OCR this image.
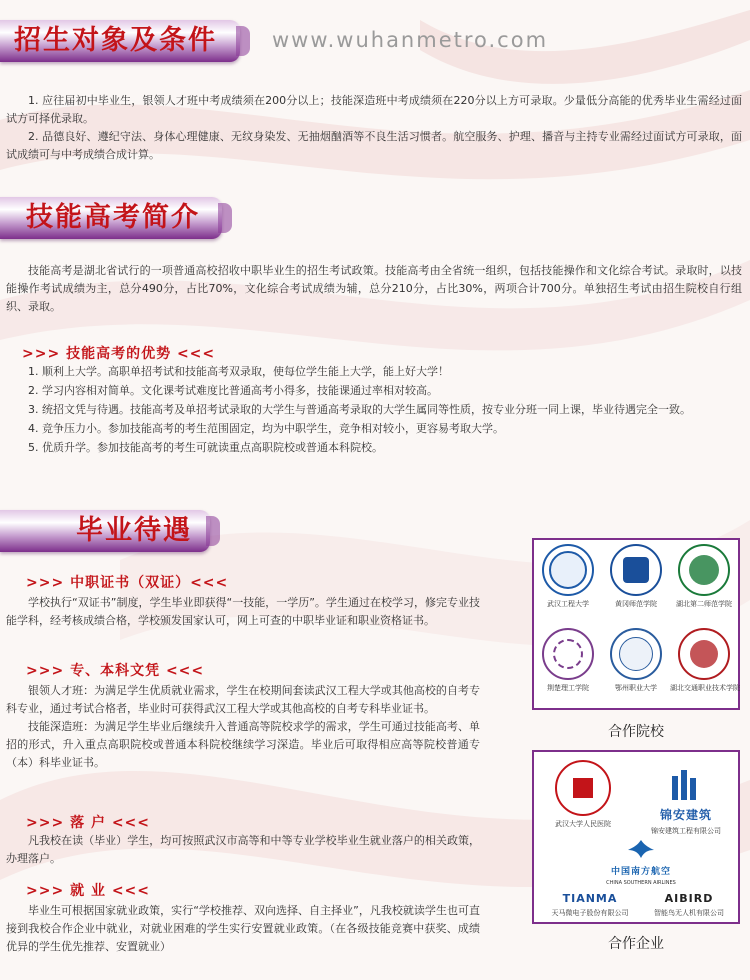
招生对象及条件	www.wuhanmetro.com

1. 应往届初中毕业生，银领人才班中考成绩须在200分以上；技能深造班中考成绩须在220分以上方可录取。少量低分高能的优秀毕业生需经过面试方可择优录取。

2. 品德良好、遵纪守法、身体心理健康、无纹身染发、无抽烟酗酒等不良生活习惯者。航空服务、护理、播音与主持专业需经过面试方可录取，面试成绩可与中考成绩合成计算。

技能高考简介

技能高考是湖北省试行的一项普通高校招收中职毕业生的招生考试政策。技能高考由全省统一组织，包括技能操作和文化综合考试。录取时，以技能操作考试成绩为主，总分490分，占比70%，文化综合考试成绩为辅，总分210分，占比30%，两项合计700分。单独招生考试由招生院校自行组织、录取。

>>> 技能高考的优势 <<<

1. 顺利上大学。高职单招考试和技能高考双录取，使每位学生能上大学，能上好大学！

2. 学习内容相对简单。文化课考试难度比普通高考小得多，技能课通过率相对较高。

3. 统招文凭与待遇。技能高考及单招考试录取的大学生与普通高考录取的大学生属同等性质，按专业分班一同上课，毕业待遇完全一致。

4. 竞争压力小。参加技能高考的考生范围固定，均为中职学生，竞争相对较小，更容易考取大学。

5. 优质升学。参加技能高考的考生可就读重点高职院校或普通本科院校。

毕业待遇
>>> 中职证书（双证）<<<

学校执行“双证书”制度，学生毕业即获得“一技能，一学历”。学生通过在校学习，修完专业技能学科，经考核成绩合格，学校颁发国家认可，网上可查的中职毕业证和职业资格证书。

>>> 专、本科文凭 <<<

银领人才班：为满足学生优质就业需求，学生在校期间套读武汉工程大学或其他高校的自考专科专业，通过考试合格者，毕业时可获得武汉工程大学或其他高校的自考专科毕业证书。

技能深造班：为满足学生毕业后继续升入普通高等院校求学的需求，学生可通过技能高考、单招的形式，升入重点高职院校或普通本科院校继续学习深造。毕业后可取得相应高等院校普通专（本）科毕业证书。

>>> 落 户 <<<

凡我校在读（毕业）学生，均可按照武汉市高等和中等专业学校毕业生就业落户的相关政策，办理落户。

>>> 就 业 <<<

毕业生可根据国家就业政策，实行“学校推荐、双向选择、自主择业”，凡我校就读学生也可直接到我校合作企业中就业，对就业困难的学生实行安置就业政策。（在各级技能竞赛中获奖、成绩优异的学生优先推荐、安置就业）

武汉工程大学	黄冈师范学院	湖北第二师范学院
荆楚理工学院	鄂州职业大学	湖北交通职业技术学院
合作院校
武汉大学人民医院
锦安建筑
锦安建筑工程有限公司
中国南方航空
CHINA SOUTHERN AIRLINES
TIANMA
天马微电子股份有限公司
AIBIRD
智能鸟无人机有限公司
合作企业
